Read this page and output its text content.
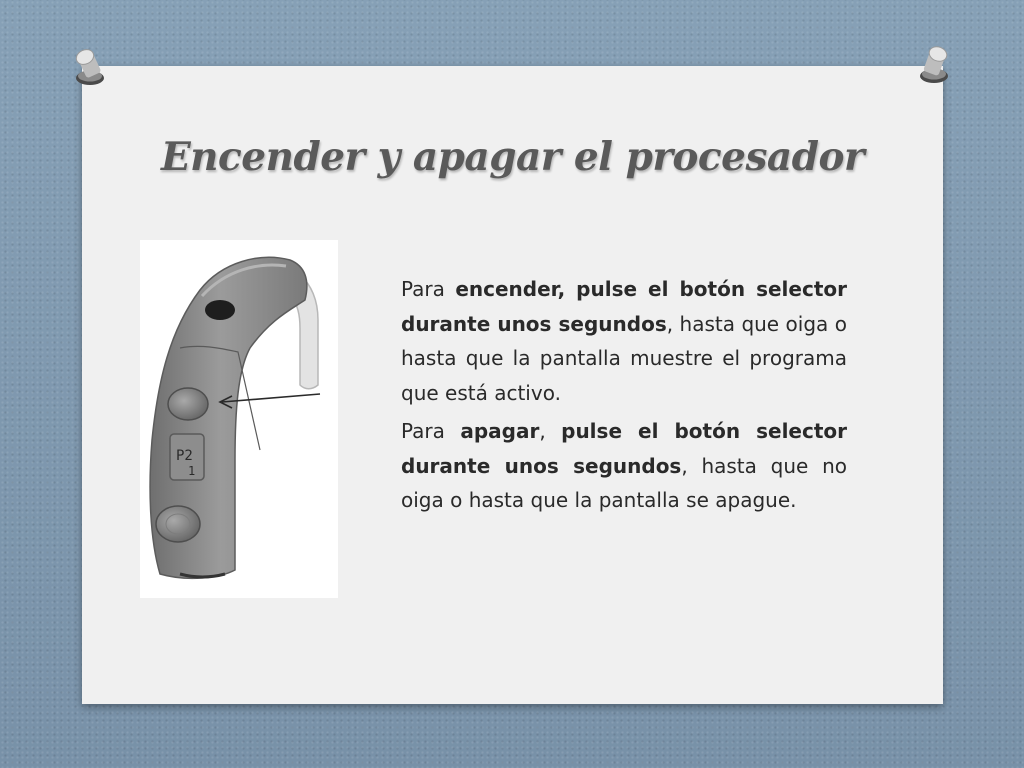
Encender y apagar el procesador
P2
1

Para encender, pulse el botón selector durante unos segundos, hasta que oiga o hasta que la pantalla muestre el programa que está activo.

Para apagar, pulse el botón selector durante unos segundos, hasta que no oiga o hasta que la pantalla se apague.
